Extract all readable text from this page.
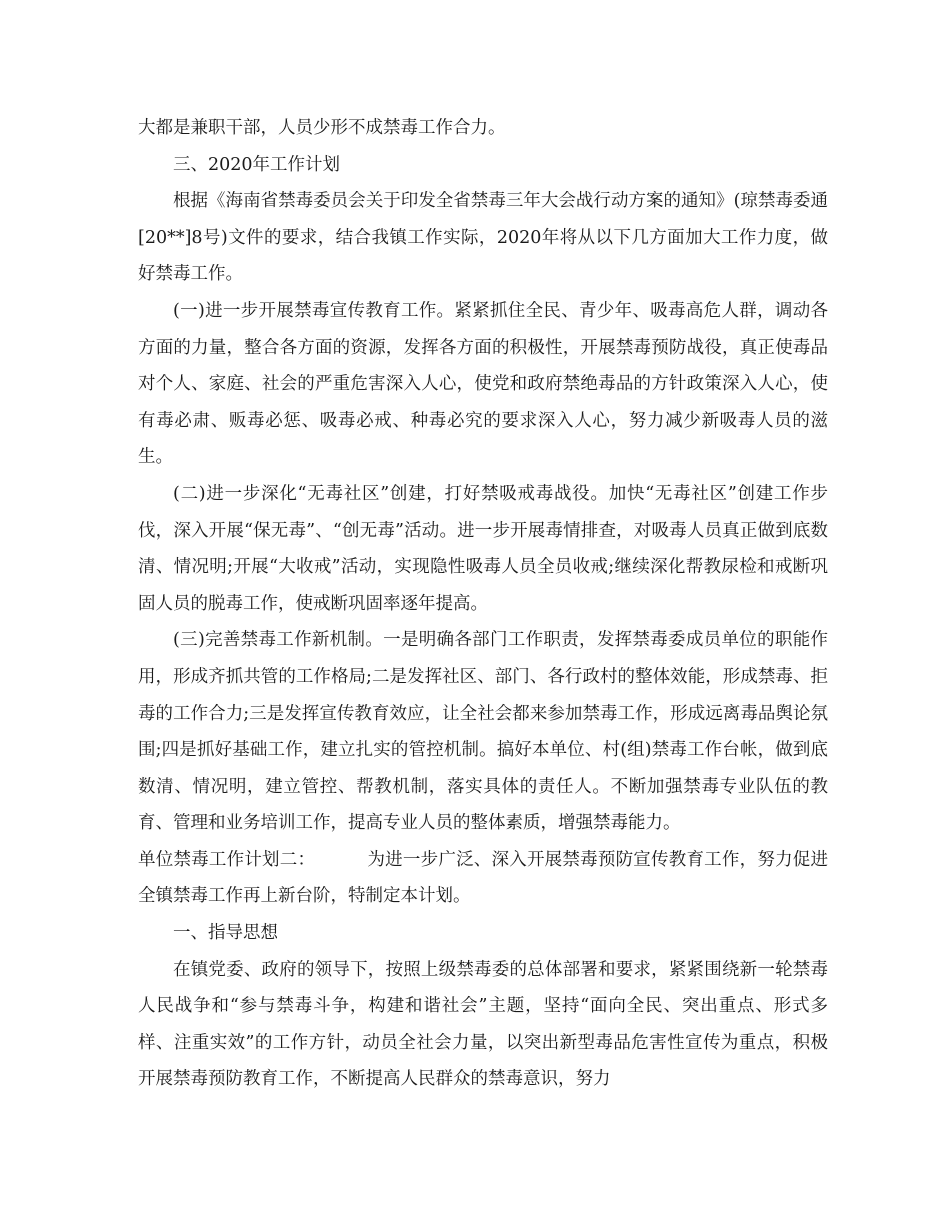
大都是兼职干部，人员少形不成禁毒工作合力。

三、2020年工作计划

根据《海南省禁毒委员会关于印发全省禁毒三年大会战行动方案的通知》(琼禁毒委通[20**]8号)文件的要求，结合我镇工作实际，2020年将从以下几方面加大工作力度，做好禁毒工作。

(一)进一步开展禁毒宣传教育工作。紧紧抓住全民、青少年、吸毒高危人群，调动各方面的力量，整合各方面的资源，发挥各方面的积极性，开展禁毒预防战役，真正使毒品对个人、家庭、社会的严重危害深入人心，使党和政府禁绝毒品的方针政策深入人心，使有毒必肃、贩毒必惩、吸毒必戒、种毒必究的要求深入人心，努力减少新吸毒人员的滋生。

(二)进一步深化“无毒社区”创建，打好禁吸戒毒战役。加快“无毒社区”创建工作步伐，深入开展“保无毒”、“创无毒”活动。进一步开展毒情排查，对吸毒人员真正做到底数清、情况明;开展“大收戒”活动，实现隐性吸毒人员全员收戒;继续深化帮教尿检和戒断巩固人员的脱毒工作，使戒断巩固率逐年提高。

(三)完善禁毒工作新机制。一是明确各部门工作职责，发挥禁毒委成员单位的职能作用，形成齐抓共管的工作格局;二是发挥社区、部门、各行政村的整体效能，形成禁毒、拒毒的工作合力;三是发挥宣传教育效应，让全社会都来参加禁毒工作，形成远离毒品舆论氛围;四是抓好基础工作，建立扎实的管控机制。搞好本单位、村(组)禁毒工作台帐，做到底数清、情况明，建立管控、帮教机制，落实具体的责任人。不断加强禁毒专业队伍的教育、管理和业务培训工作，提高专业人员的整体素质，增强禁毒能力。

单位禁毒工作计划二：	为进一步广泛、深入开展禁毒预防宣传教育工作，努力促进全镇禁毒工作再上新台阶，特制定本计划。

一、指导思想

在镇党委、政府的领导下，按照上级禁毒委的总体部署和要求，紧紧围绕新一轮禁毒人民战争和“参与禁毒斗争，构建和谐社会”主题，坚持“面向全民、突出重点、形式多样、注重实效”的工作方针，动员全社会力量，以突出新型毒品危害性宣传为重点，积极开展禁毒预防教育工作，不断提高人民群众的禁毒意识，努力
